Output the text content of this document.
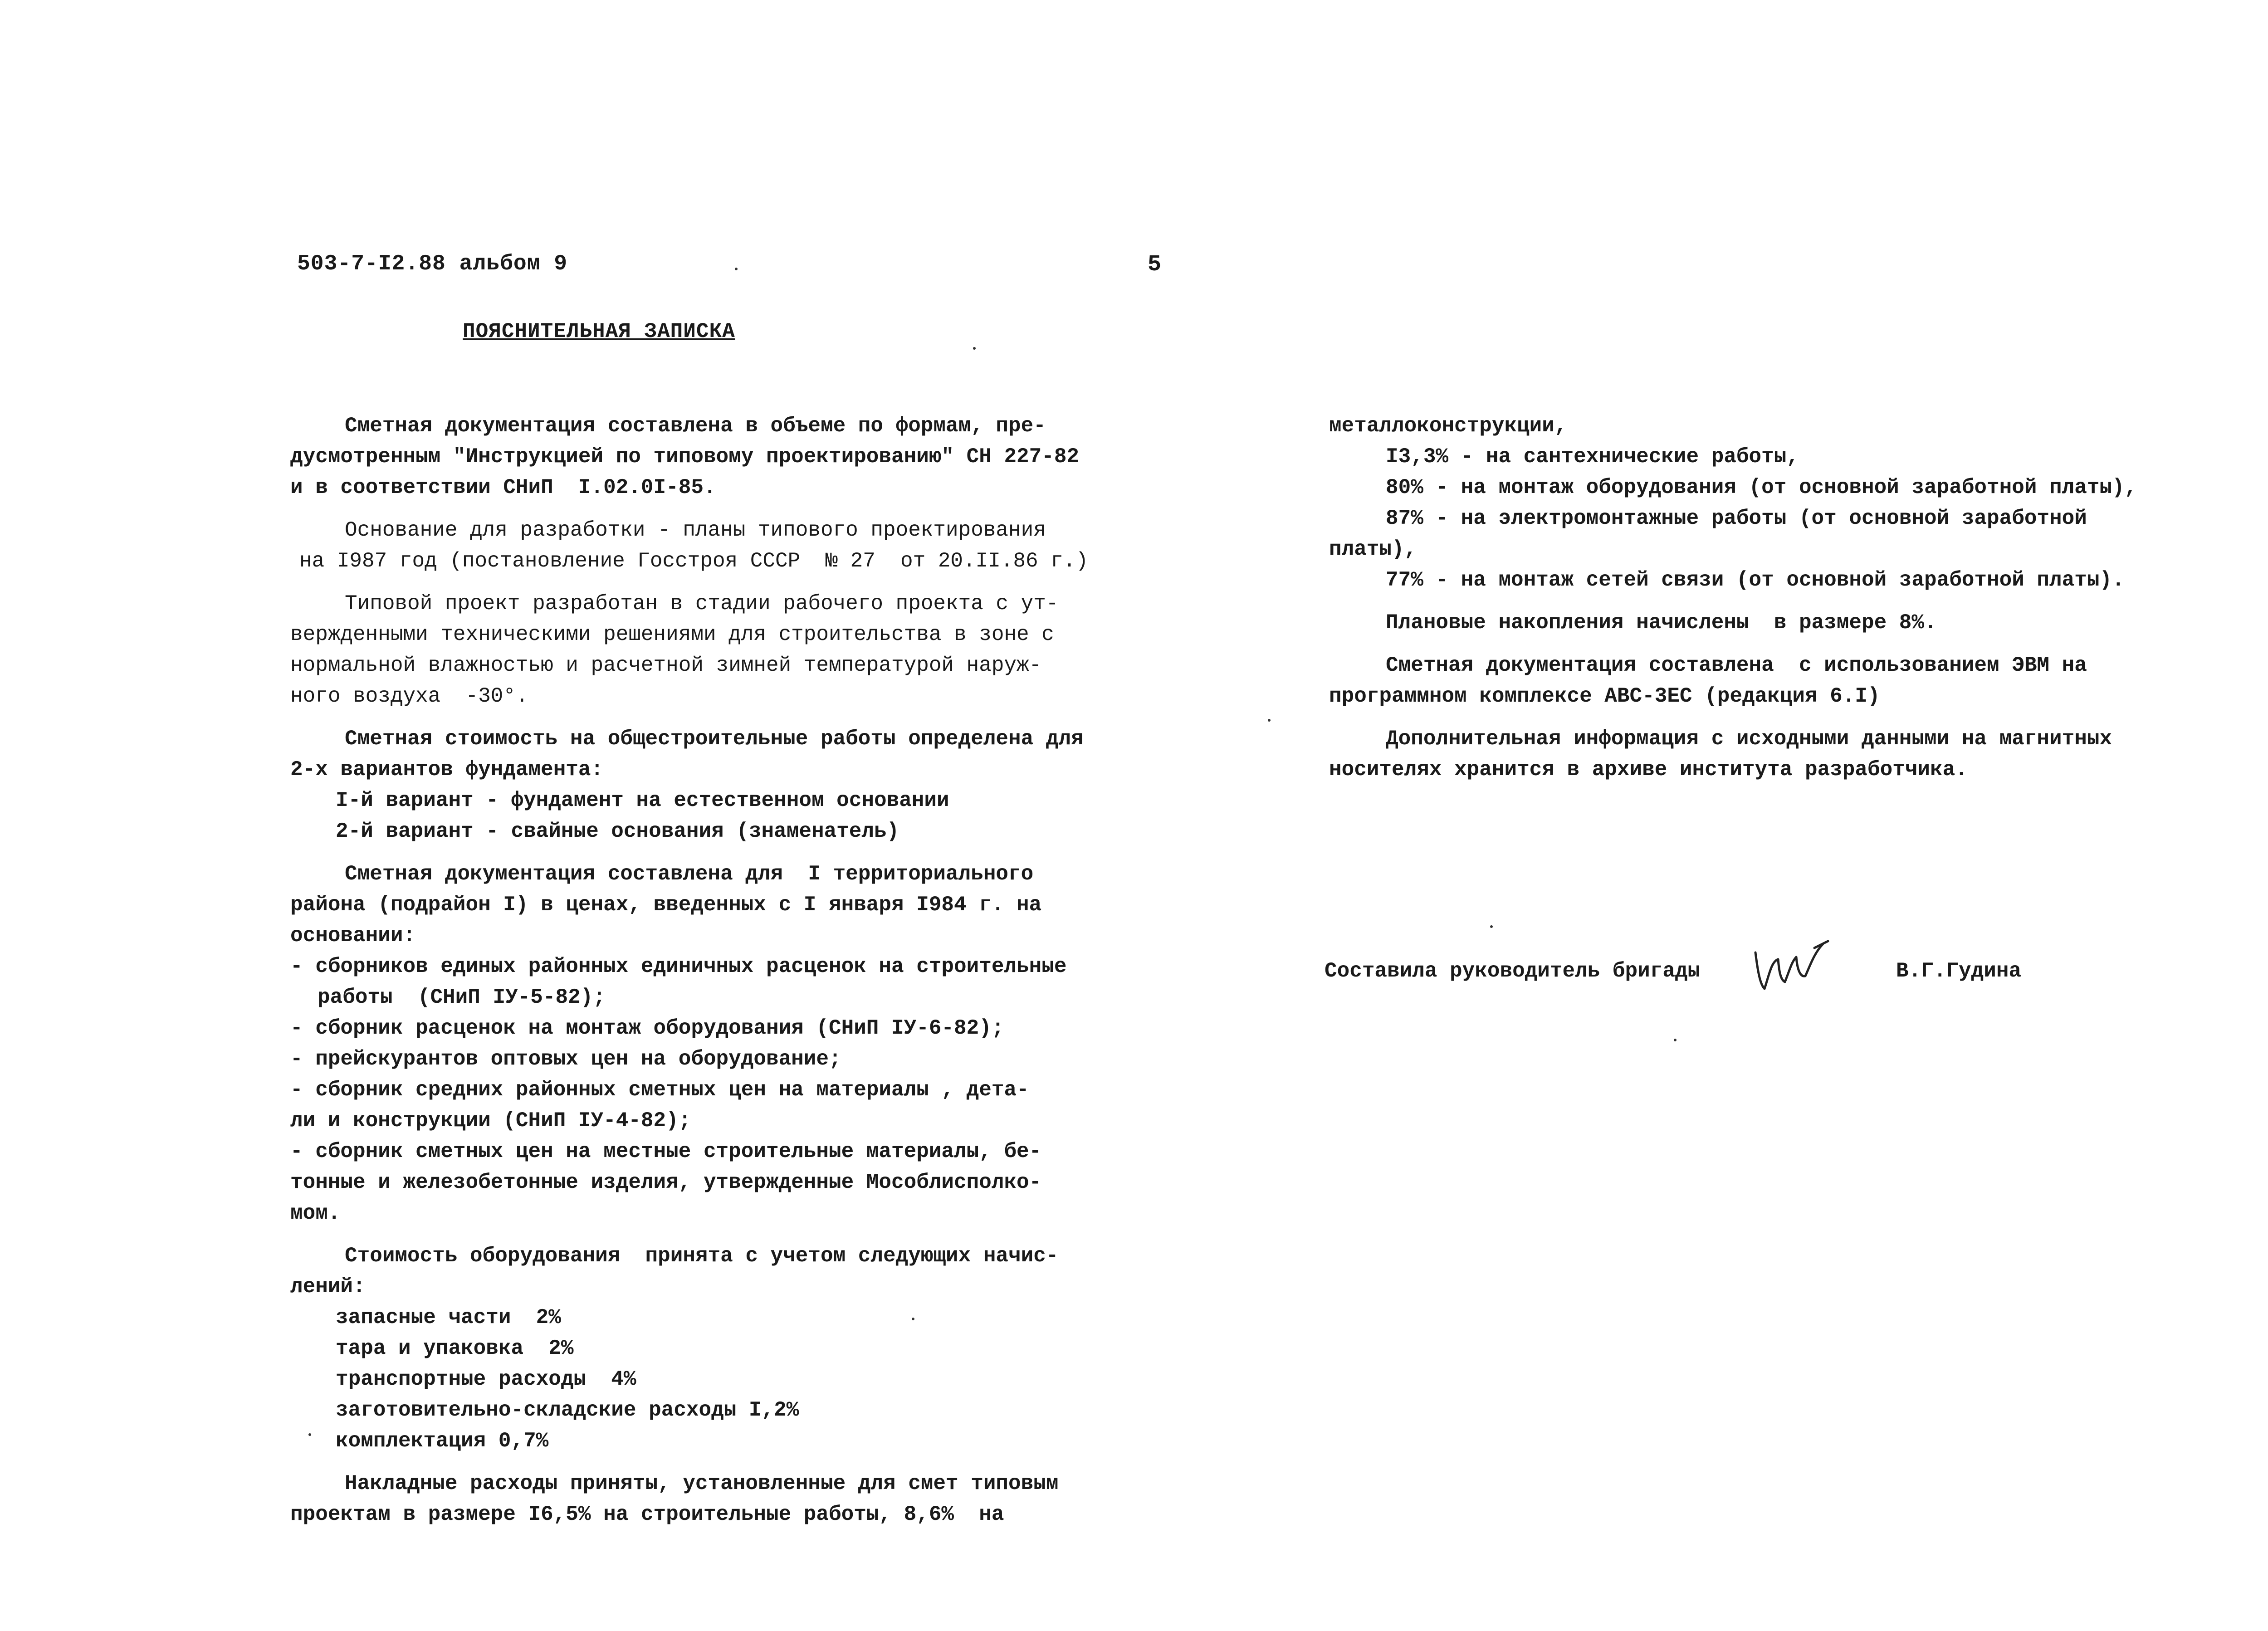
503-7-I2.88 альбом 9	5
ПОЯСНИТЕЛЬНАЯ ЗАПИСКА
Сметная документация составлена в объеме по формам, пре-
дусмотренным "Инструкцией по типовому проектированию" СН 227-82
и в соответствии СНиП  I.02.0I-85.
Основание для разработки - планы типового проектирования
на I987 год (постановление Госстроя СССР  № 27  от 20.II.86 г.)
Типовой проект разработан в стадии рабочего проекта с ут-
вержденными техническими решениями для строительства в зоне с
нормальной влажностью и расчетной зимней температурой наруж-
ного воздуха  -30°.
Сметная стоимость на общестроительные работы определена для
2-х вариантов фундамента:
I-й вариант - фундамент на естественном основании
2-й вариант - свайные основания (знаменатель)
Сметная документация составлена для  I территориального
района (подрайон I) в ценах, введенных с I января I984 г. на
основании:
- сборников единых районных единичных расценок на строительные
работы  (СНиП IУ-5-82);
- сборник расценок на монтаж оборудования (СНиП IУ-6-82);
- прейскурантов оптовых цен на оборудование;
- сборник средних районных сметных цен на материалы , дета-
ли и конструкции (СНиП IУ-4-82);
- сборник сметных цен на местные строительные материалы, бе-
тонные и железобетонные изделия, утвержденные Мособлисполко-
мом.
Стоимость оборудования  принята с учетом следующих начис-
лений:
запасные части  2%
тара и упаковка  2%
транспортные расходы  4%
заготовительно-складские расходы I,2%
комплектация 0,7%
Накладные расходы приняты, установленные для смет типовым
проектам в размере I6,5% на строительные работы, 8,6%  на
металлоконструкции,
I3,3% - на сантехнические работы,
80% - на монтаж оборудования (от основной заработной платы),
87% - на электромонтажные работы (от основной заработной
платы),
77% - на монтаж сетей связи (от основной заработной платы).
Плановые накопления начислены  в размере 8%.
Сметная документация составлена  с использованием ЭВМ на
программном комплексе АВС-3ЕС (редакция 6.I)
Дополнительная информация с исходными данными на магнитных
носителях хранится в архиве института разработчика.
Составила руководитель бригады	В.Г.Гудина
